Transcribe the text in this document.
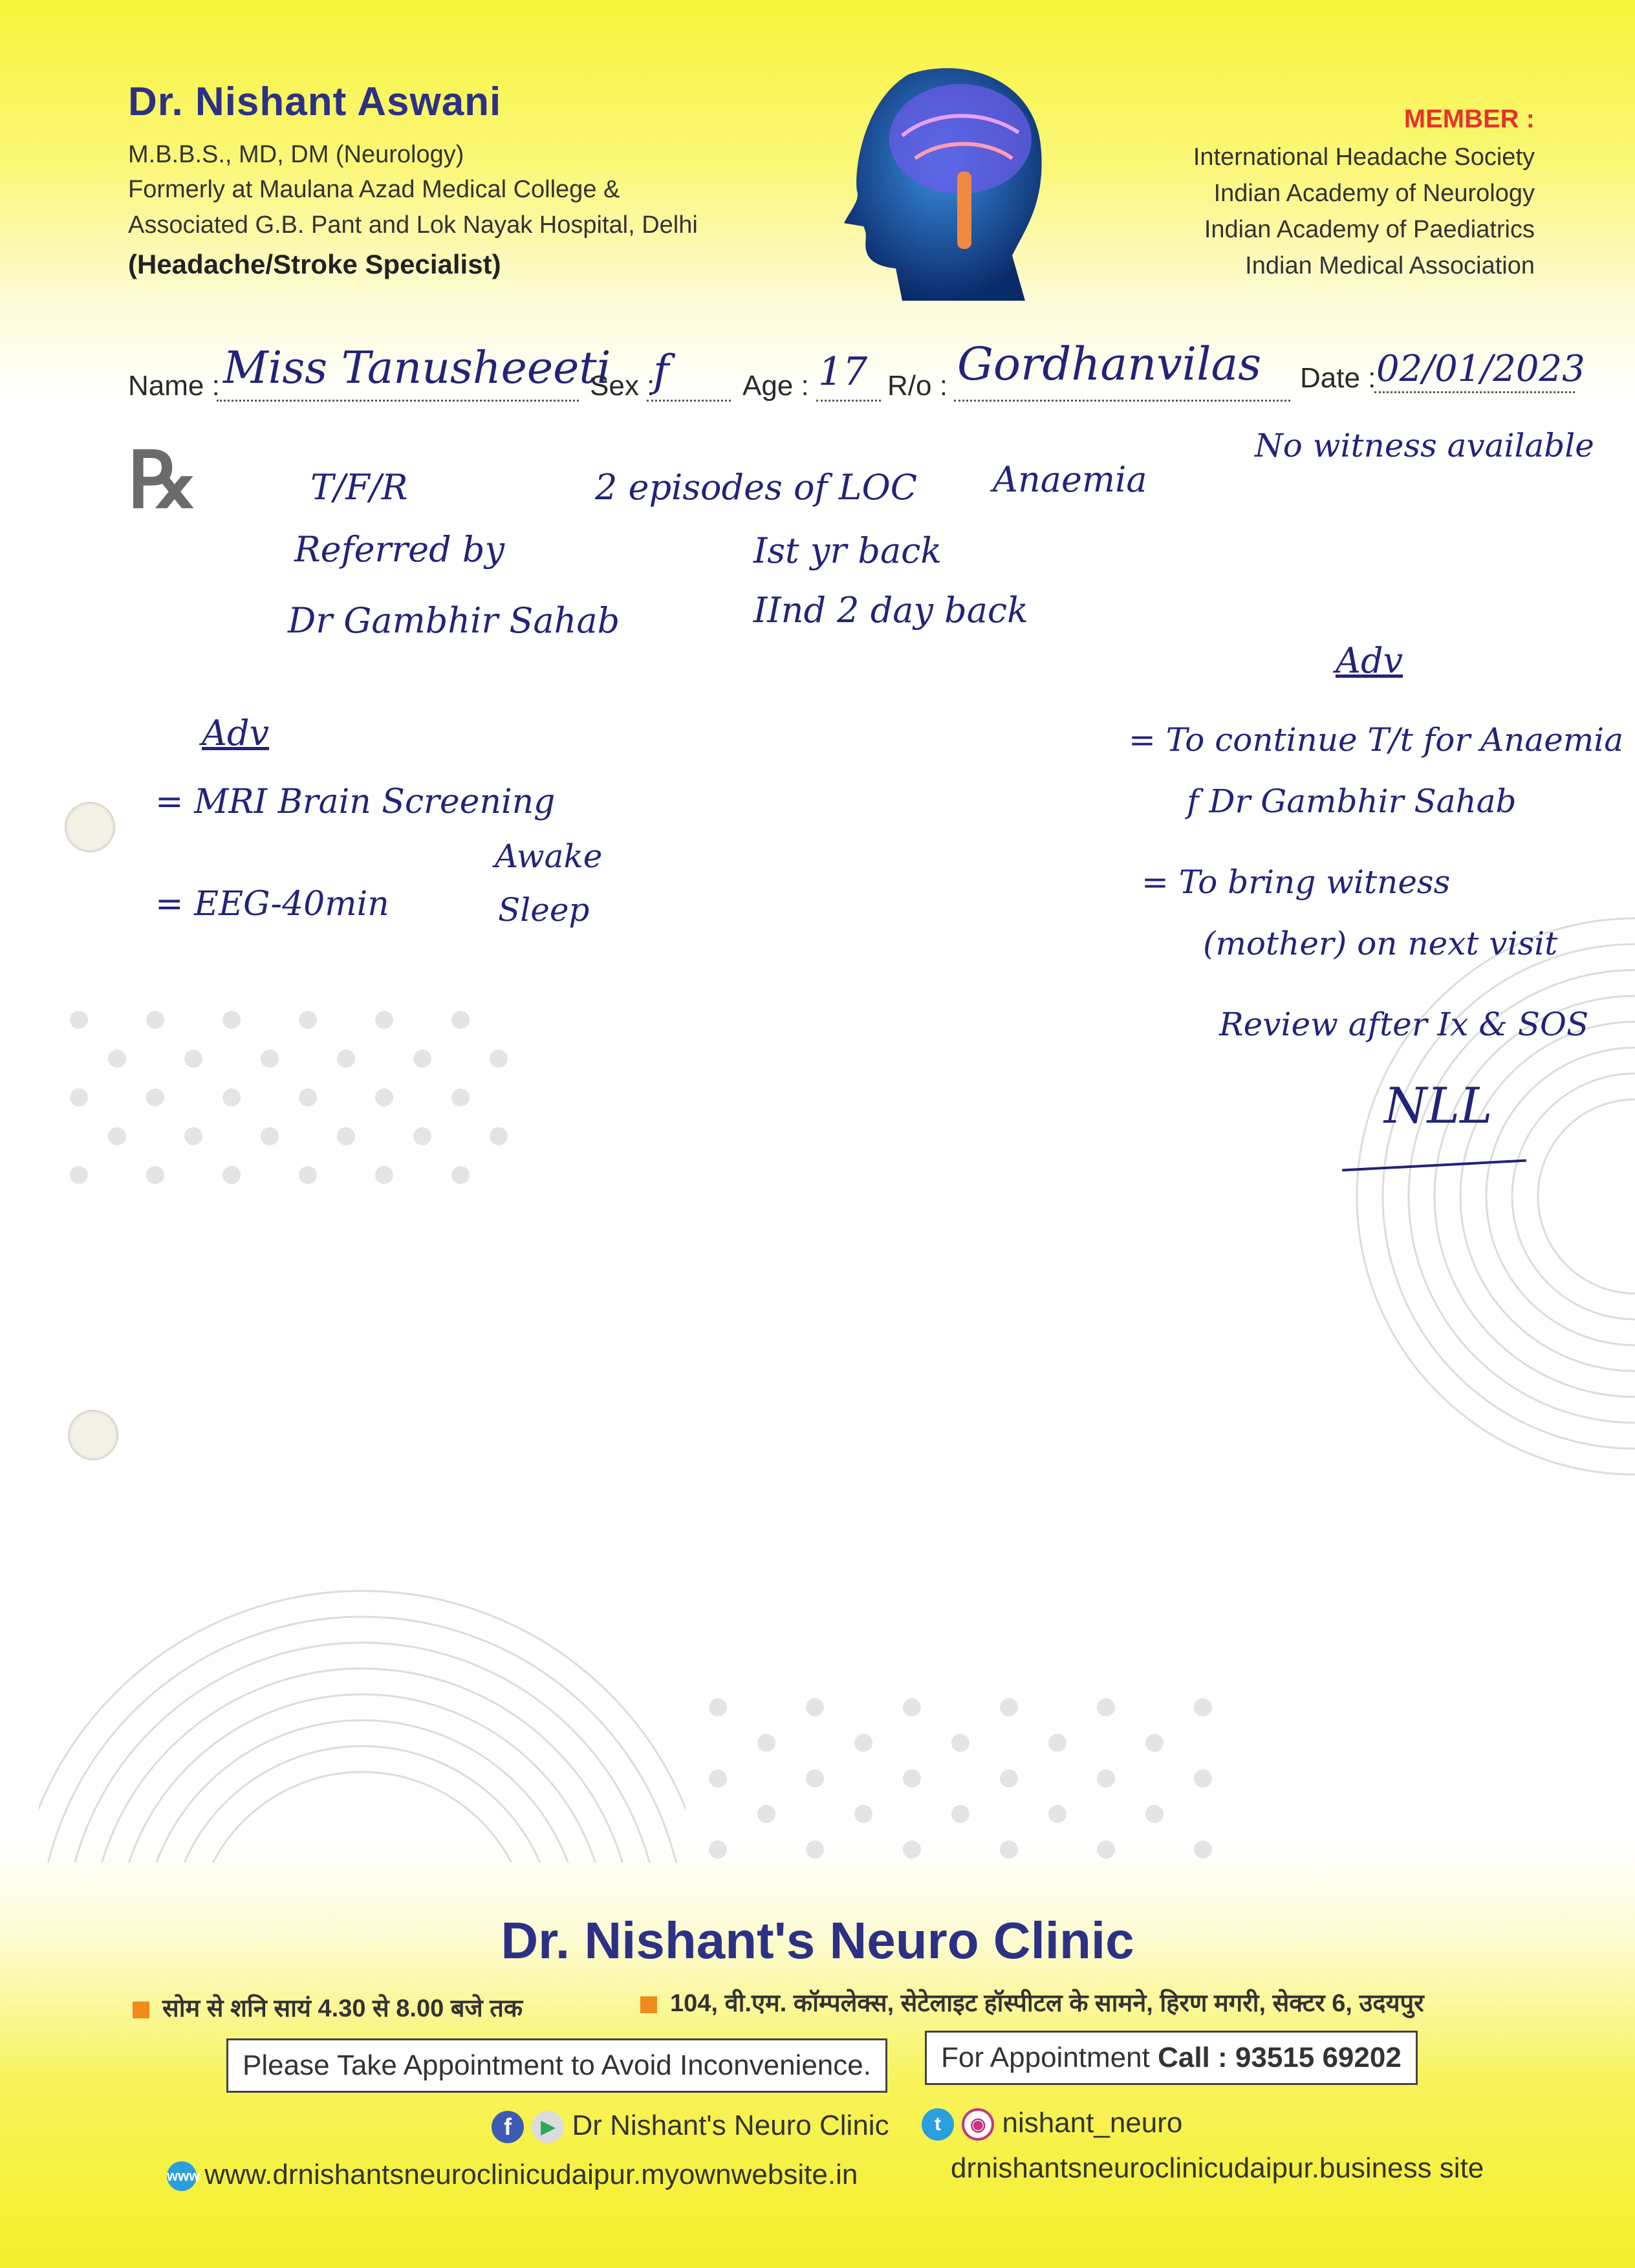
Dr. Nishant Aswani
M.B.B.S., MD, DM (Neurology)
Formerly at Maulana Azad Medical College &
Associated G.B. Pant and Lok Nayak Hospital, Delhi
(Headache/Stroke Specialist)
MEMBER :
International Headache Society
Indian Academy of Neurology
Indian Academy of Paediatrics
Indian Medical Association
Name : Miss Tanusheeeti
Sex :
f	Age : 17 R/o : Gordhanvilas Date : 02/01/2023
℞	No witness available
T/F/R
Referred by
Dr Gambhir Sahab
2 episodes of LOC
Ist yr back
IInd 2 day back
Anaemia
Adv
= MRI Brain Screening
= EEG-40min
Awake
Sleep
Adv
= To continue T/t for Anaemia
f Dr Gambhir Sahab
= To bring witness
(mother) on next visit
Review after Ix & SOS
NLL
Dr. Nishant's Neuro Clinic
सोम से शनि सायं 4.30 से 8.00 बजे तक	104, वी.एम. कॉम्पलेक्स, सेटेलाइट हॉस्पीटल के सामने, हिरण मगरी, सेक्टर 6, उदयपुर
Please Take Appointment to Avoid Inconvenience.	For Appointment Call : 93515 69202
f ▶ Dr Nishant's Neuro Clinic	t ◉ nishant_neuro
www www.drnishantsneuroclinicudaipur.myownwebsite.in	drnishantsneuroclinicudaipur.business site
